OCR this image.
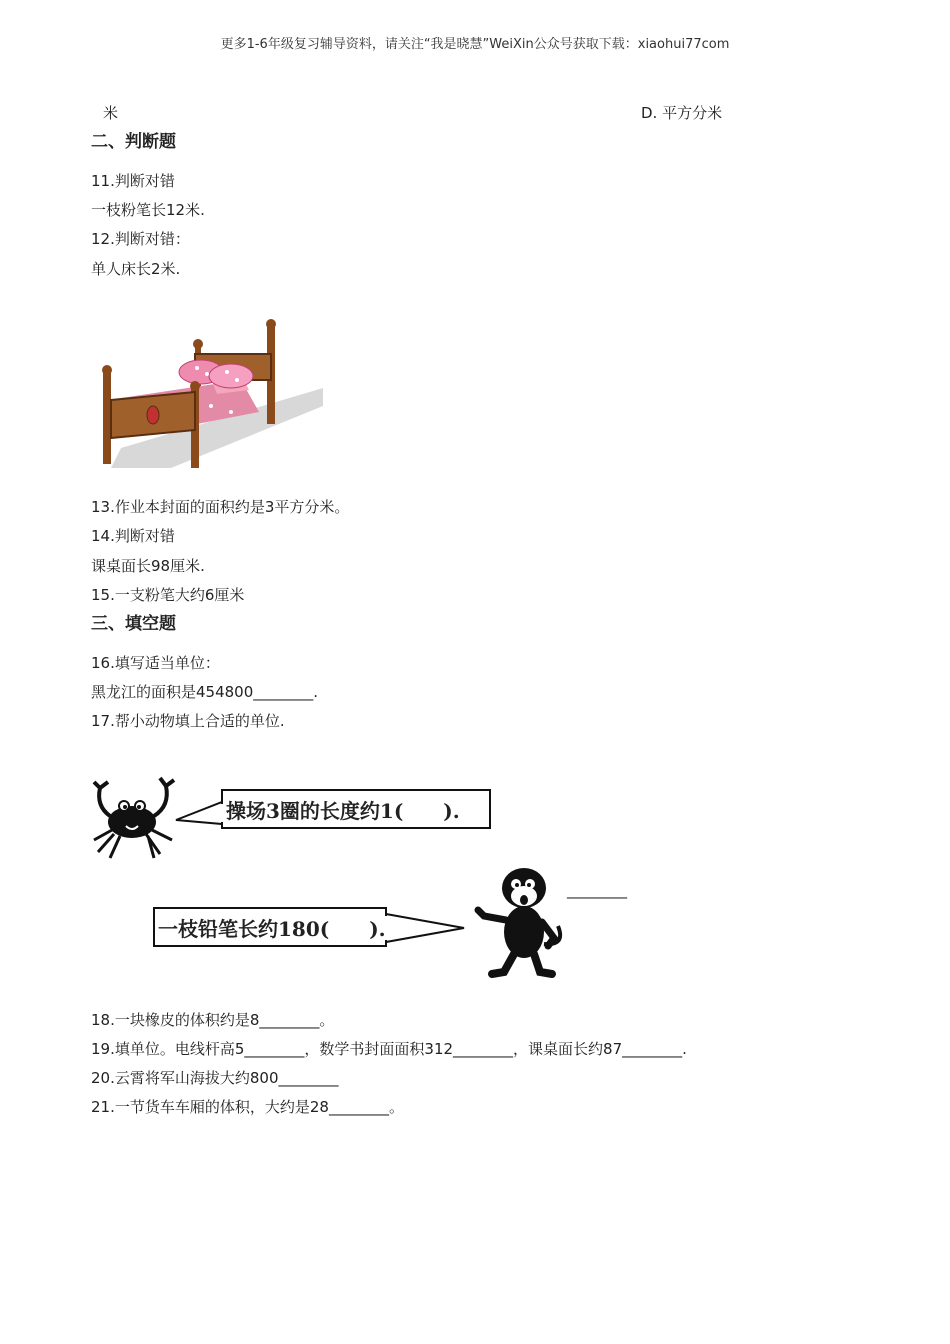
更多1-6年级复习辅导资料，请关注“我是晓慧”WeiXin公众号获取下载：xiaohui77com
米	D. 平方分米
二、判断题
11.判断对错
一枝粉笔长12米.
12.判断对错：
单人床长2米.
13.作业本封面的面积约是3平方分米。
14.判断对错
课桌面长98厘米.
15.一支粉笔大约6厘米
三、填空题
16.填写适当单位：
黑龙江的面积是454800________.
17.帮小动物填上合适的单位.
操场3圈的长度约1(　　).
一枝铅笔长约180(　　).
________
18.一块橡皮的体积约是8________。
19.填单位。电线杆高5________，数学书封面面积312________，课桌面长约87________.
20.云霄将军山海拔大约800________
21.一节货车车厢的体积，大约是28________。
